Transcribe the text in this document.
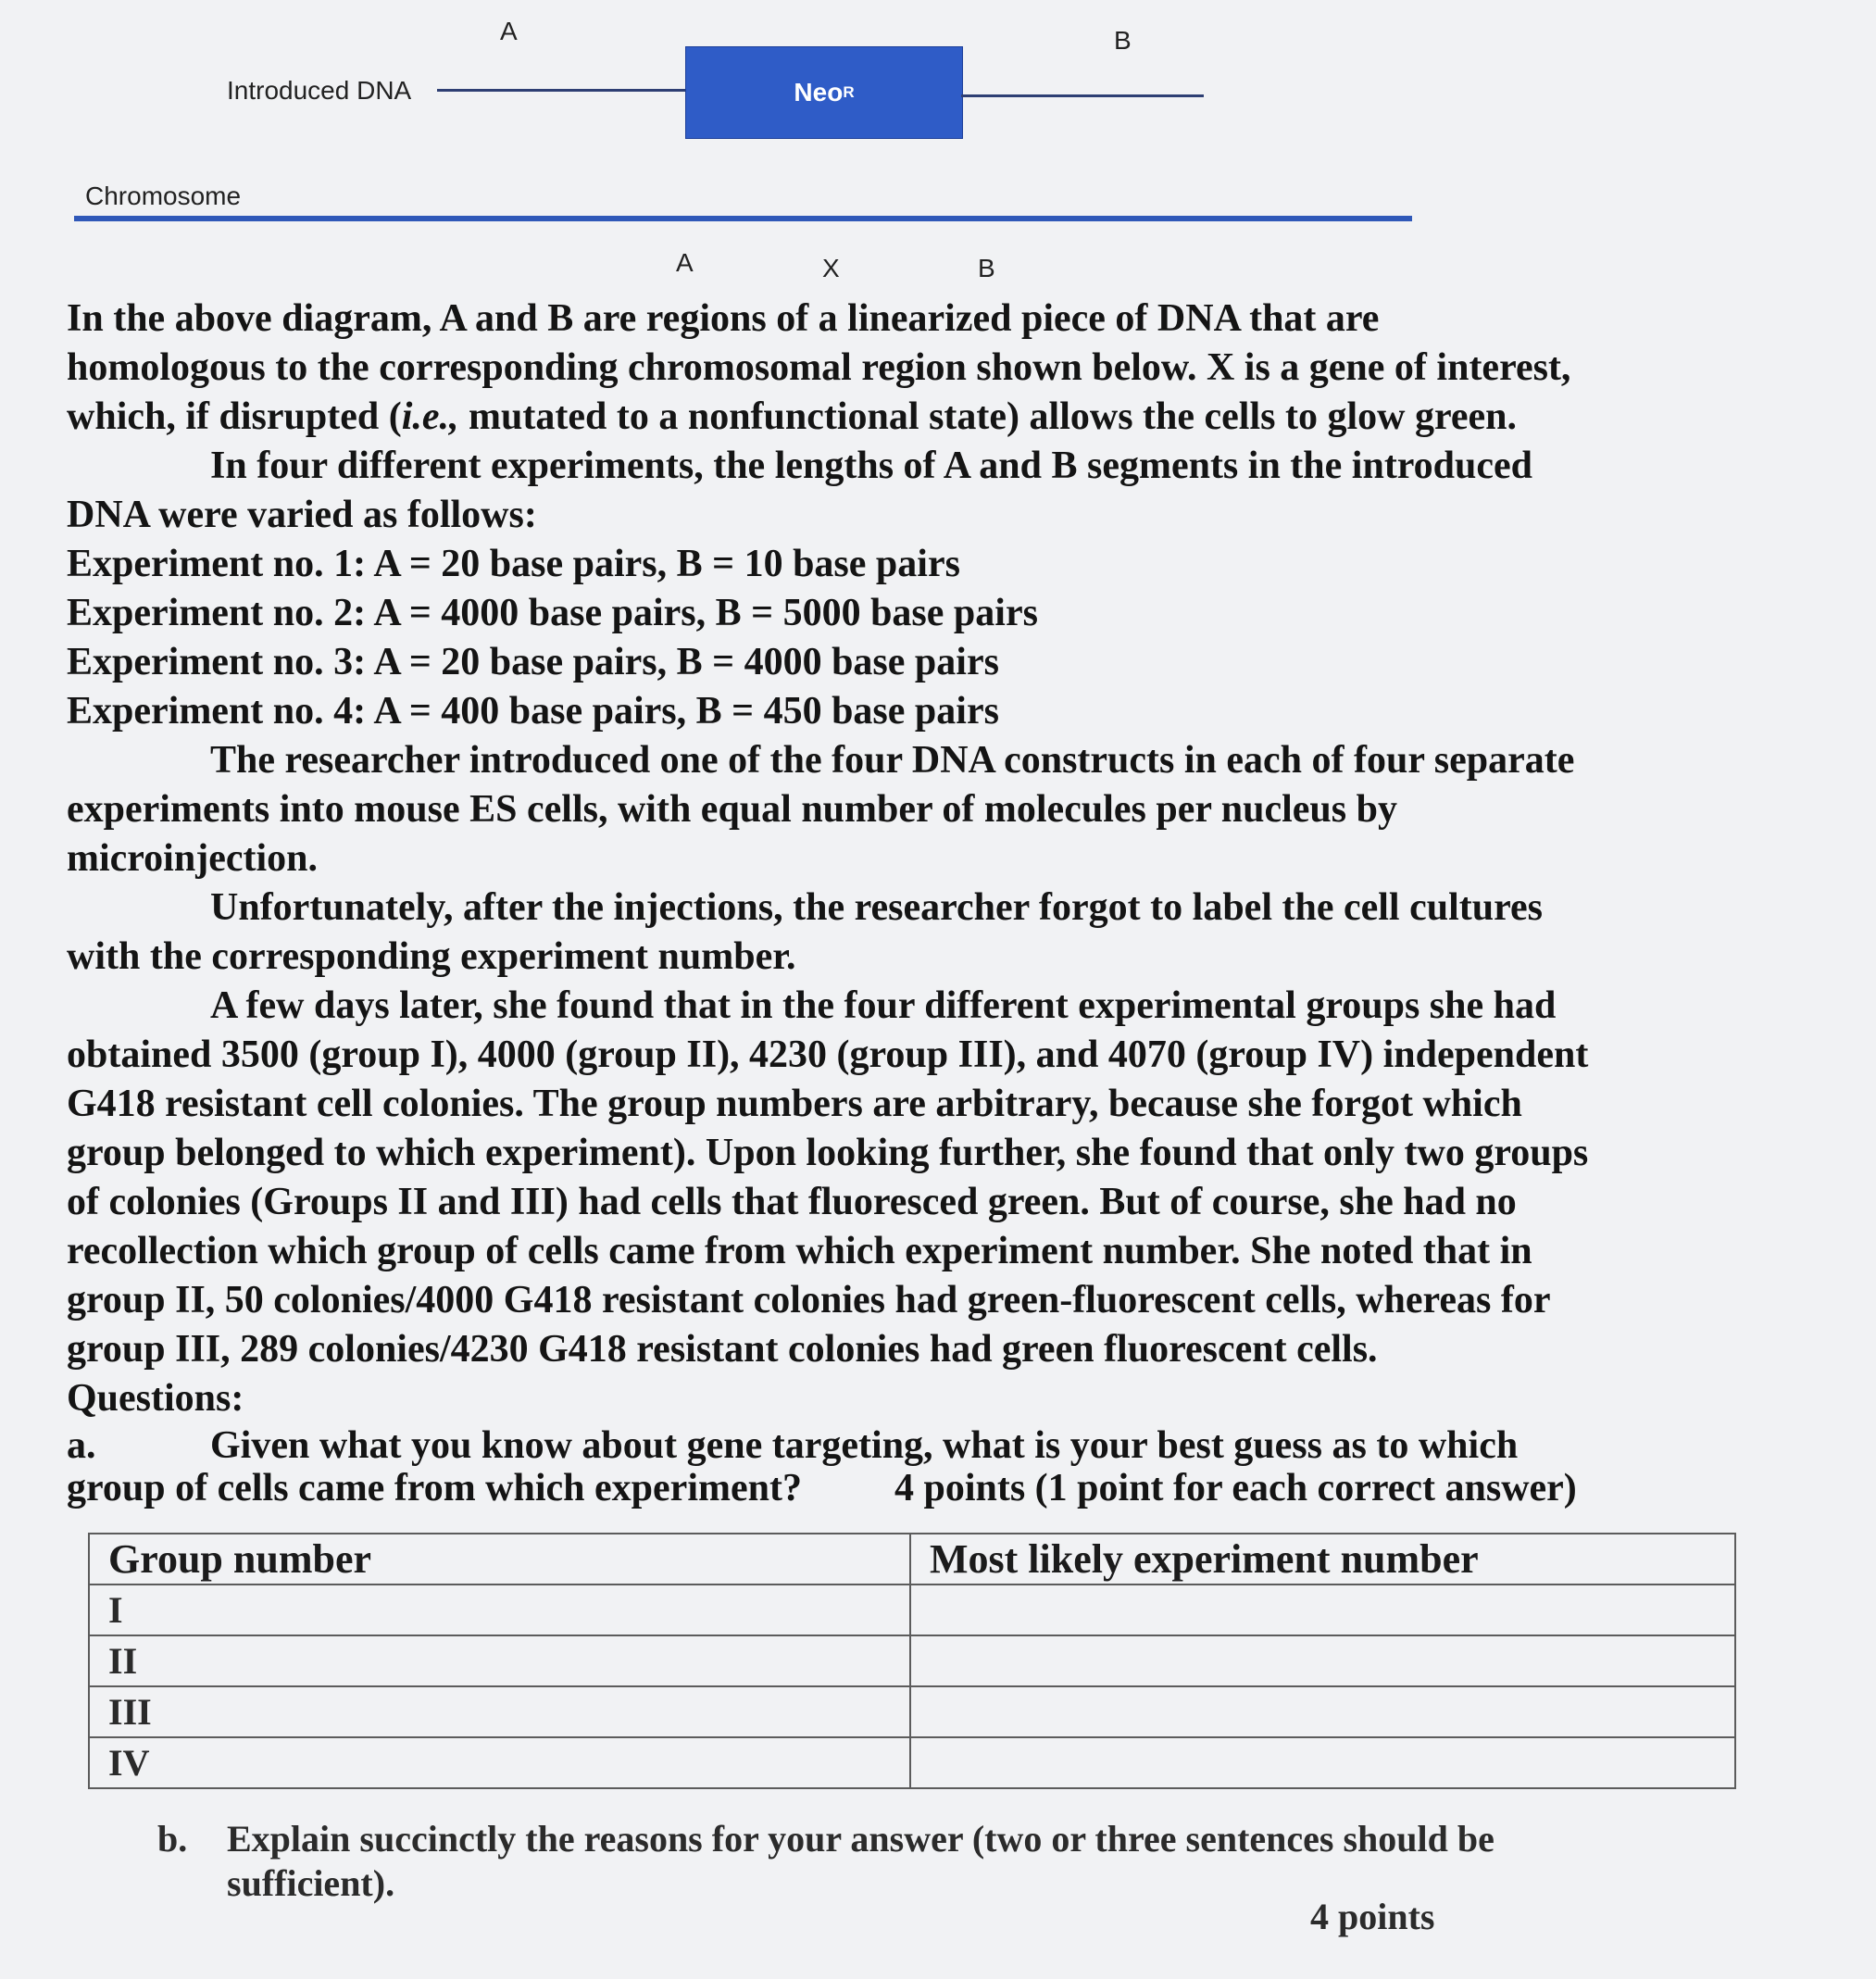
A	B
Introduced DNA	Neo R
Chromosome
A	X	B
In the above diagram, A and B are regions of a linearized piece of DNA that are
homologous to the corresponding chromosomal region shown below. X is a gene of interest,
which, if disrupted (i.e., mutated to a nonfunctional state) allows the cells to glow green.
In four different experiments, the lengths of A and B segments in the introduced
DNA were varied as follows:
Experiment no. 1: A = 20 base pairs, B = 10 base pairs
Experiment no. 2: A = 4000 base pairs, B = 5000 base pairs
Experiment no. 3: A = 20 base pairs, B = 4000 base pairs
Experiment no. 4: A = 400 base pairs, B = 450 base pairs
The researcher introduced one of the four DNA constructs in each of four separate
experiments into mouse ES cells, with equal number of molecules per nucleus by
microinjection.
Unfortunately, after the injections, the researcher forgot to label the cell cultures
with the corresponding experiment number.
A few days later, she found that in the four different experimental groups she had
obtained 3500 (group I), 4000 (group II), 4230 (group III), and 4070 (group IV) independent
G418 resistant cell colonies. The group numbers are arbitrary, because she forgot which
group belonged to which experiment). Upon looking further, she found that only two groups
of colonies (Groups II and III) had cells that fluoresced green. But of course, she had no
recollection which group of cells came from which experiment number. She noted that in
group II, 50 colonies/4000 G418 resistant colonies had green-fluorescent cells, whereas for
group III, 289 colonies/4230 G418 resistant colonies had green fluorescent cells.
Questions:
a.	Given what you know about gene targeting, what is your best guess as to which
group of cells came from which experiment? 4 points (1 point for each correct answer)
Group number	Most likely experiment number
I	
II	
III	
IV	
b. Explain succinctly the reasons for your answer (two or three sentences should be
sufficient).
4 points
